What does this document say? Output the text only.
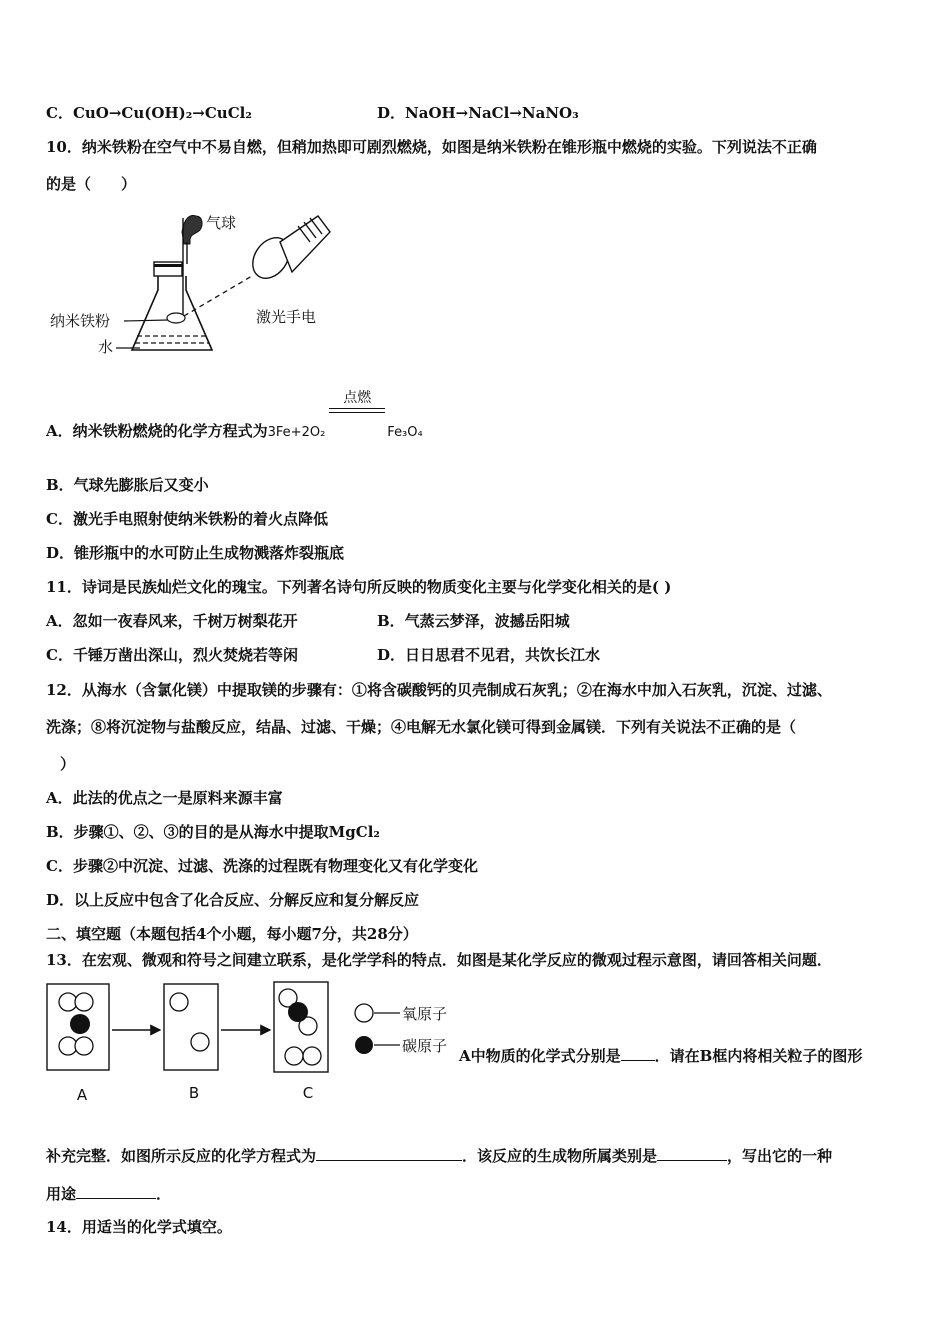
C．CuO→Cu(OH)₂→CuCl₂	D．NaOH→NaCl→NaNO₃
10．纳米铁粉在空气中不易自燃，但稍加热即可剧烈燃烧，如图是纳米铁粉在锥形瓶中燃烧的实验。下列说法不正确
的是（　　）
气球
激光手电
纳米铁粉
水
A．纳米铁粉燃烧的化学方程式为3Fe+2O₂
点燃
Fe₃O₄
B．气球先膨胀后又变小
C．激光手电照射使纳米铁粉的着火点降低
D．锥形瓶中的水可防止生成物溅落炸裂瓶底
11．诗词是民族灿烂文化的瑰宝。下列著名诗句所反映的物质变化主要与化学变化相关的是( )
A．忽如一夜春风来，千树万树梨花开	B．气蒸云梦泽，波撼岳阳城
C．千锤万凿出深山，烈火焚烧若等闲	D．日日思君不见君，共饮长江水
12．从海水（含氯化镁）中提取镁的步骤有：①将含碳酸钙的贝壳制成石灰乳；②在海水中加入石灰乳，沉淀、过滤、
洗涤；⑧将沉淀物与盐酸反应，结晶、过滤、干燥；④电解无水氯化镁可得到金属镁．下列有关说法不正确的是（
）
A．此法的优点之一是原料来源丰富
B．步骤①、②、③的目的是从海水中提取MgCl₂
C．步骤②中沉淀、过滤、洗涤的过程既有物理变化又有化学变化
D．以上反应中包含了化合反应、分解反应和复分解反应
二、填空题（本题包括4个小题，每小题7分，共28分）
13．在宏观、微观和符号之间建立联系，是化学学科的特点．如图是某化学反应的微观过程示意图，请回答相关问题．
A	B	C
氧原子
碳原子
A中物质的化学式分别是 ．请在B框内将相关粒子的图形
补充完整．如图所示反应的化学方程式为	．该反应的生成物所属类别是	，写出它的一种
用途	．
14．用适当的化学式填空。
